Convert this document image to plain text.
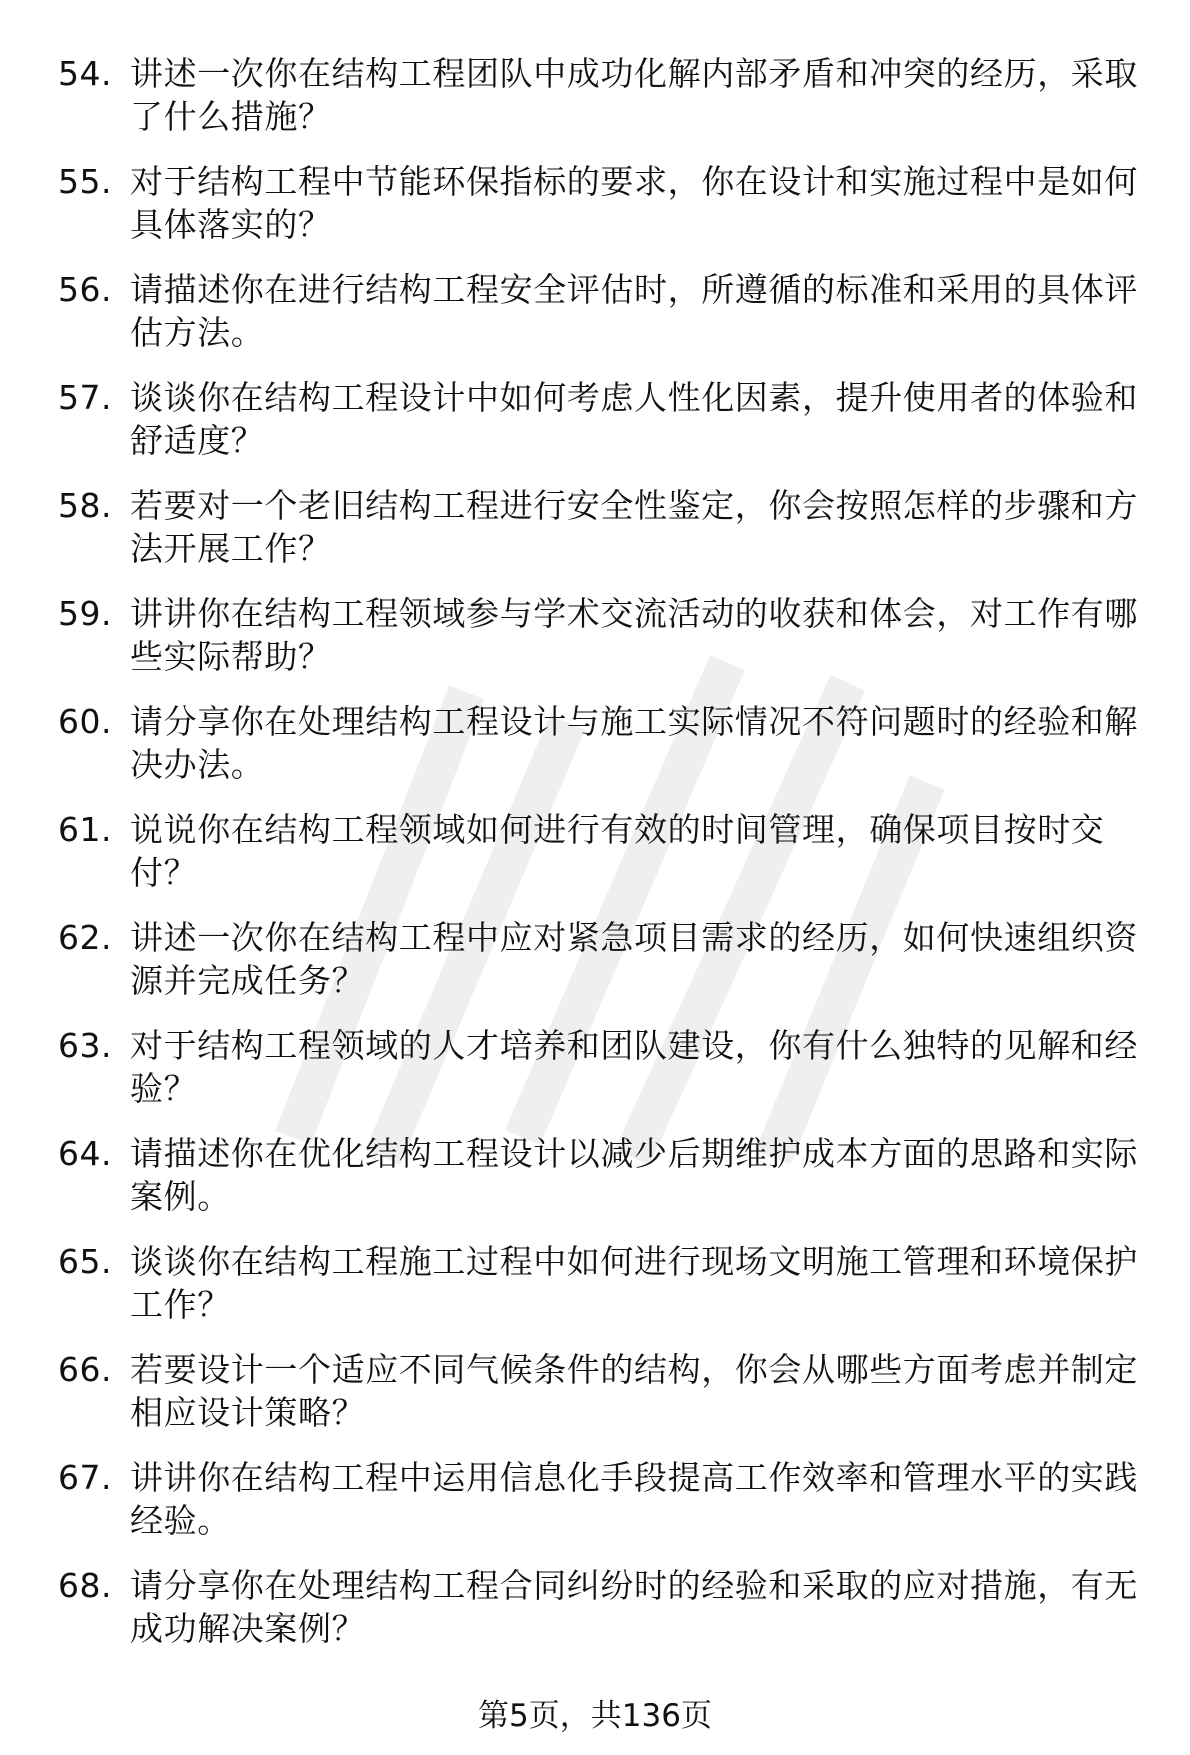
54. 讲述一次你在结构工程团队中成功化解内部矛盾和冲突的经历，采取了什么措施？
55. 对于结构工程中节能环保指标的要求，你在设计和实施过程中是如何具体落实的？
56. 请描述你在进行结构工程安全评估时，所遵循的标准和采用的具体评估方法。
57. 谈谈你在结构工程设计中如何考虑人性化因素，提升使用者的体验和舒适度？
58. 若要对一个老旧结构工程进行安全性鉴定，你会按照怎样的步骤和方法开展工作？
59. 讲讲你在结构工程领域参与学术交流活动的收获和体会，对工作有哪些实际帮助？
60. 请分享你在处理结构工程设计与施工实际情况不符问题时的经验和解决办法。
61. 说说你在结构工程领域如何进行有效的时间管理，确保项目按时交付？
62. 讲述一次你在结构工程中应对紧急项目需求的经历，如何快速组织资源并完成任务？
63. 对于结构工程领域的人才培养和团队建设，你有什么独特的见解和经验？
64. 请描述你在优化结构工程设计以减少后期维护成本方面的思路和实际案例。
65. 谈谈你在结构工程施工过程中如何进行现场文明施工管理和环境保护工作？
66. 若要设计一个适应不同气候条件的结构，你会从哪些方面考虑并制定相应设计策略？
67. 讲讲你在结构工程中运用信息化手段提高工作效率和管理水平的实践经验。
68. 请分享你在处理结构工程合同纠纷时的经验和采取的应对措施，有无成功解决案例？
第5页，共136页
